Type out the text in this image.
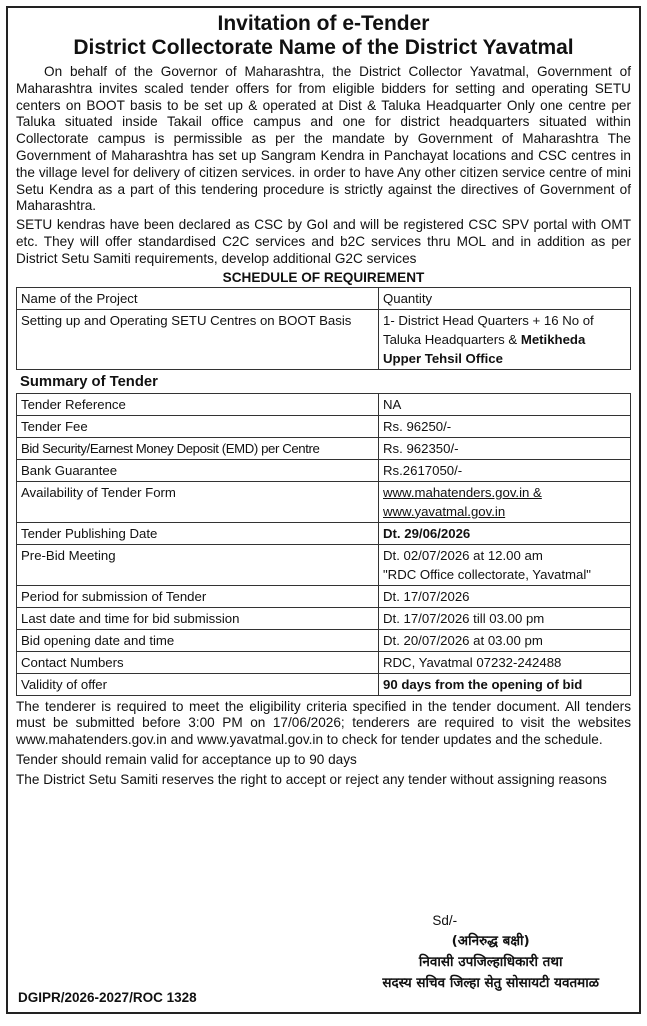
Invitation of e-Tender
District Collectorate Name of the District Yavatmal

On behalf of the Governor of Maharashtra, the District Collector Yavatmal, Government of Maharashtra invites scaled tender offers for from eligible bidders for setting and operating SETU centers on BOOT basis to be set up & operated at Dist & Taluka Headquarter Only one centre per Taluka situated inside Takail office campus and one for district headquarters situated within Collectorate campus is permissible as per the mandate by Government of Maharashtra The Government of Maharashtra has set up Sangram Kendra in Panchayat locations and CSC centres in the village level for delivery of citizen services. in order to have Any other citizen service centre of mini Setu Kendra as a part of this tendering procedure is strictly against the directives of Government of Maharashtra.

SETU kendras have been declared as CSC by GoI and will be registered CSC SPV portal with OMT etc. They will offer standardised C2C services and b2C services thru MOL and in addition as per District Setu Samiti requirements, develop additional G2C services

SCHEDULE OF REQUIREMENT
Name of the Project	Quantity
Setting up and Operating SETU Centres on BOOT Basis	1- District Head Quarters + 16 No of Taluka Headquarters & Metikheda Upper Tehsil Office
Summary of Tender
Tender Reference	NA
Tender Fee	Rs. 96250/-
Bid Security/Earnest Money Deposit (EMD) per Centre	Rs. 962350/-
Bank Guarantee	Rs.2617050/-
Availability of Tender Form	www.mahatenders.gov.in &
www.yavatmal.gov.in

Tender Publishing Date	Dt. 29/06/2026
Pre-Bid Meeting	Dt. 02/07/2026 at 12.00 am
"RDC Office collectorate, Yavatmal"

Period for submission of Tender	Dt. 17/07/2026
Last date and time for bid submission	Dt. 17/07/2026 till 03.00 pm
Bid opening date and time	Dt. 20/07/2026 at 03.00 pm
Contact Numbers	RDC, Yavatmal 07232-242488
Validity of offer	90 days from the opening of bid

The tenderer is required to meet the eligibility criteria specified in the tender document. All tenders must be submitted before 3:00 PM on 17/06/2026; tenderers are required to visit the websites www.mahatenders.gov.in and www.yavatmal.gov.in to check for tender updates and the schedule.

Tender should remain valid for acceptance up to 90 days

The District Setu Samiti reserves the right to accept or reject any tender without assigning reasons

Sd/-
(अनिरुद्ध बक्षी)
निवासी उपजिल्हाधिकारी तथा
सदस्य सचिव जिल्हा सेतु सोसायटी यवतमाळ
DGIPR/2026-2027/ROC 1328
